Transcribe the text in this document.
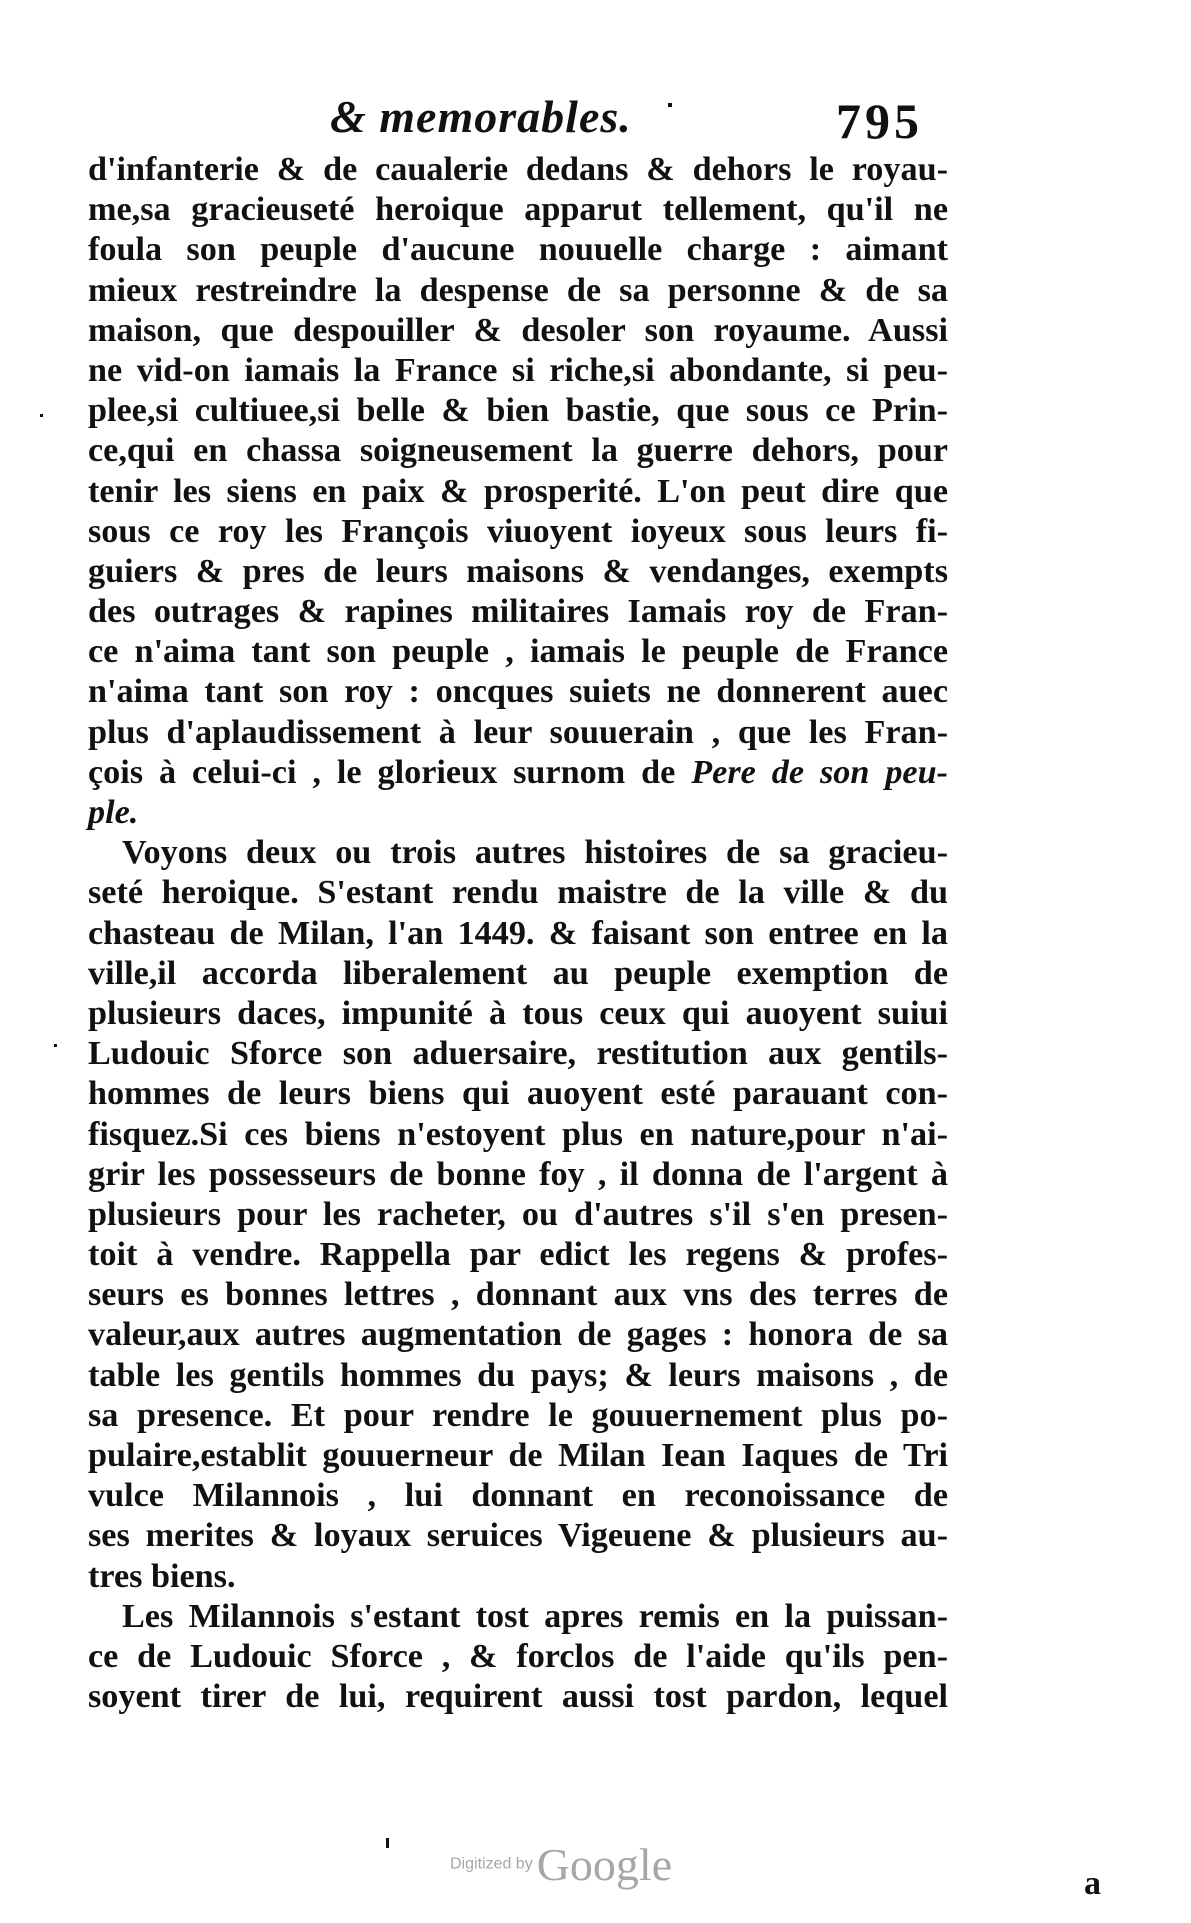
& memorables.	795
d'infanterie & de caualerie dedans & dehors le royau-
me,sa gracieuseté heroique apparut tellement, qu'il ne
foula son peuple d'aucune nouuelle charge : aimant
mieux restreindre la despense de sa personne & de sa
maison, que despouiller & desoler son royaume. Aussi
ne vid-on iamais la France si riche,si abondante, si peu-
plee,si cultiuee,si belle & bien bastie, que sous ce Prin-
ce,qui en chassa soigneusement la guerre dehors, pour
tenir les siens en paix & prosperité. L'on peut dire que
sous ce roy les François viuoyent ioyeux sous leurs fi-
guiers & pres de leurs maisons & vendanges, exempts
des outrages & rapines militaires Iamais roy de Fran-
ce n'aima tant son peuple , iamais le peuple de France
n'aima tant son roy : oncques suiets ne donnerent auec
plus d'aplaudissement à leur souuerain , que les Fran-
çois à celui-ci , le glorieux surnom de Pere de son peu-
ple.
Voyons deux ou trois autres histoires de sa gracieu-
seté heroique. S'estant rendu maistre de la ville & du
chasteau de Milan, l'an 1449. & faisant son entree en la
ville,il accorda liberalement au peuple exemption de
plusieurs daces, impunité à tous ceux qui auoyent suiui
Ludouic Sforce son aduersaire, restitution aux gentils-
hommes de leurs biens qui auoyent esté parauant con-
fisquez.Si ces biens n'estoyent plus en nature,pour n'ai-
grir les possesseurs de bonne foy , il donna de l'argent à
plusieurs pour les racheter, ou d'autres s'il s'en presen-
toit à vendre. Rappella par edict les regens & profes-
seurs es bonnes lettres , donnant aux vns des terres de
valeur,aux autres augmentation de gages : honora de sa
table les gentils hommes du pays; & leurs maisons , de
sa presence. Et pour rendre le gouuernement plus po-
pulaire,establit gouuerneur de Milan Iean Iaques de Tri
vulce Milannois , lui donnant en reconoissance de
ses merites & loyaux seruices Vigeuene & plusieurs au-
tres biens.
Les Milannois s'estant tost apres remis en la puissan-
ce de Ludouic Sforce , & forclos de l'aide qu'ils pen-
soyent tirer de lui, requirent aussi tost pardon, lequel
Digitized byGoogle	a
